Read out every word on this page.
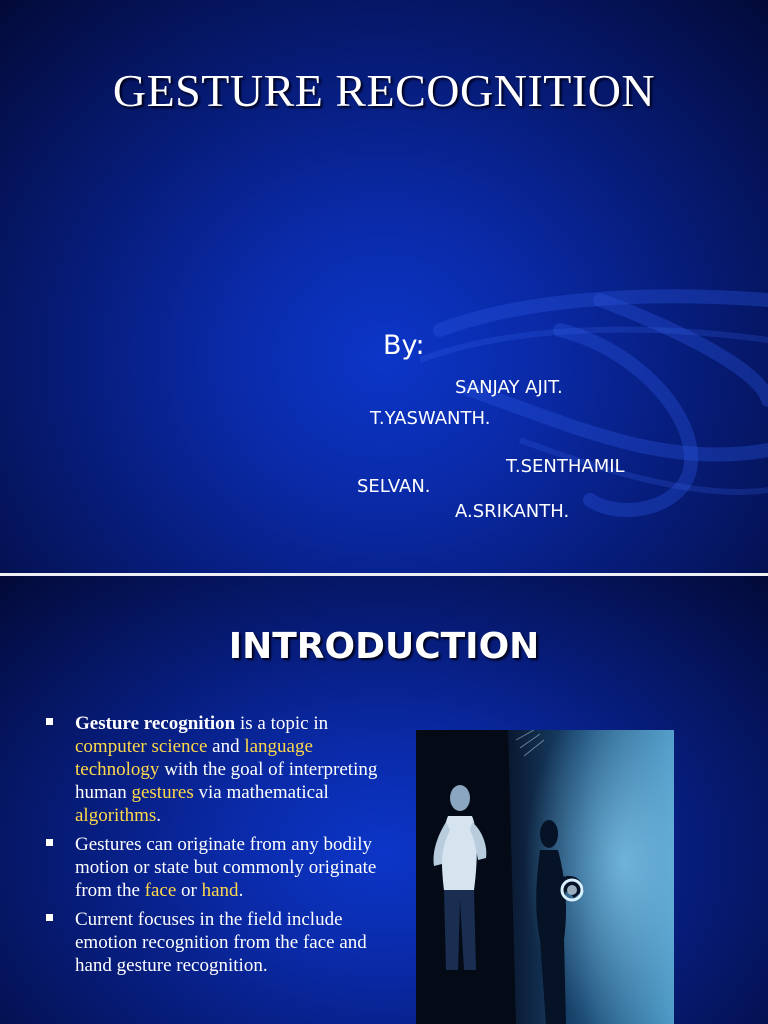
GESTURE RECOGNITION
By:
SANJAY AJIT.
T.YASWANTH.
T.SENTHAMIL
SELVAN.
A.SRIKANTH.
INTRODUCTION
Gesture recognition is a topic in computer science and language technology with the goal of interpreting human gestures via mathematical algorithms.
Gestures can originate from any bodily motion or state but commonly originate from the face or hand.
Current focuses in the field include emotion recognition from the face and hand gesture recognition.
